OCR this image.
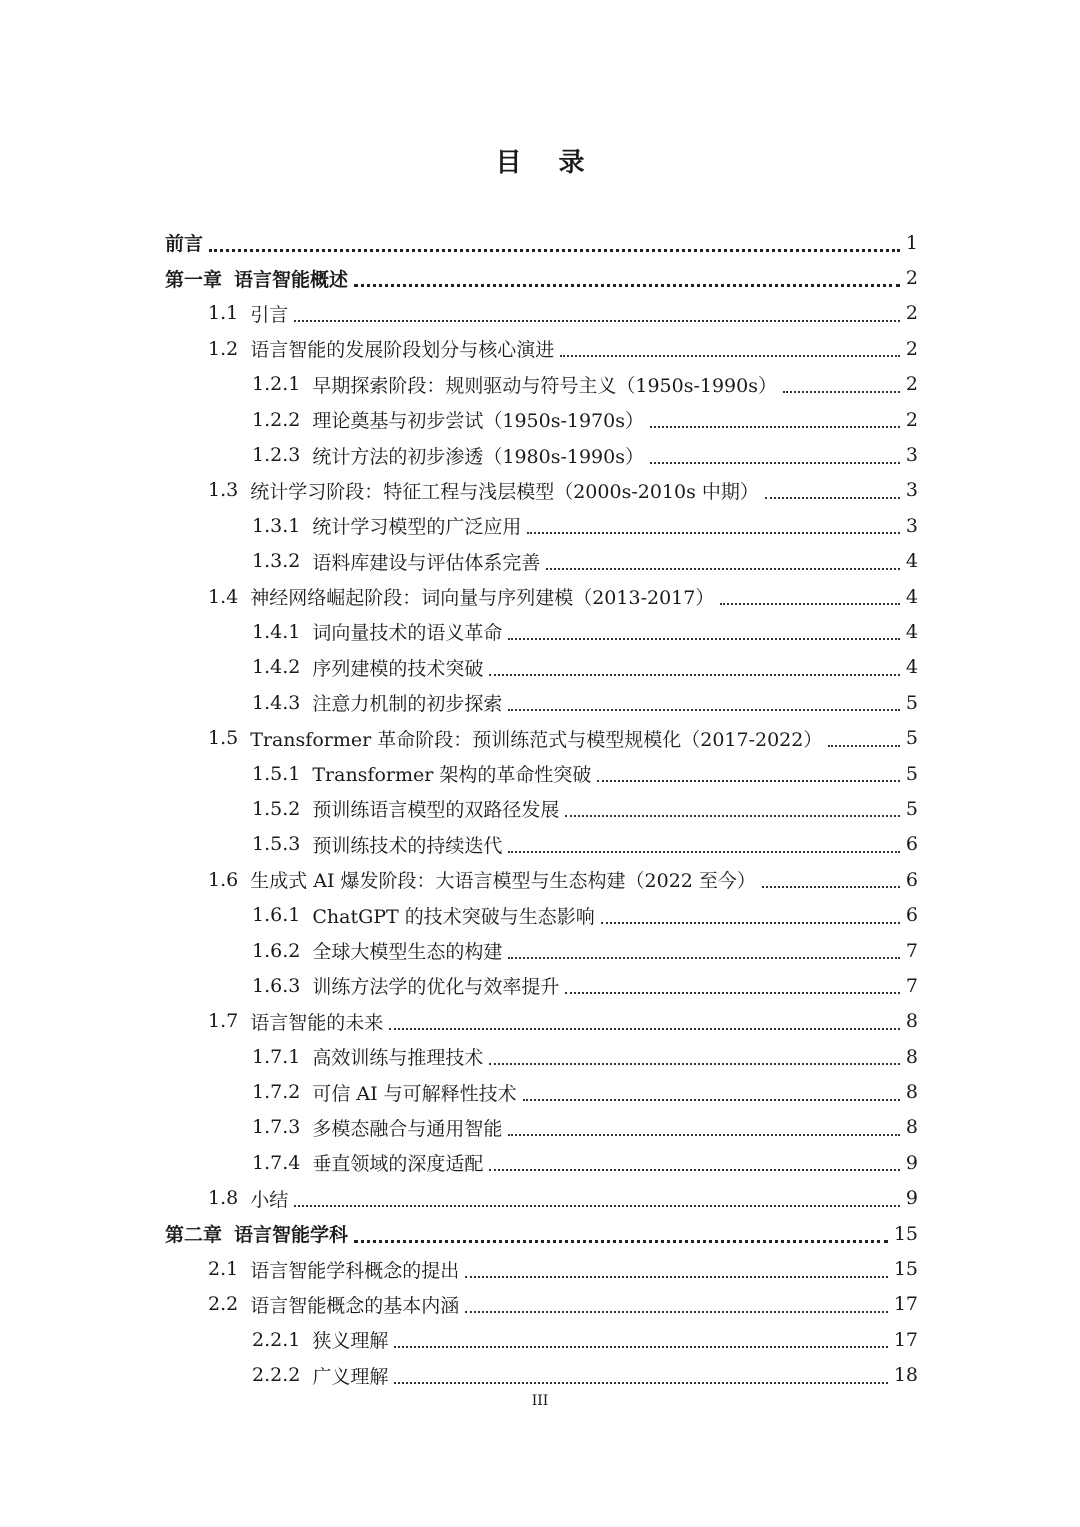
目 录
前言	1
第一章 语言智能概述	2
1.1 引言	2
1.2 语言智能的发展阶段划分与核心演进	2
1.2.1 早期探索阶段：规则驱动与符号主义（1950s-1990s）	2
1.2.2 理论奠基与初步尝试（1950s-1970s）	2
1.2.3 统计方法的初步渗透（1980s-1990s）	3
1.3 统计学习阶段：特征工程与浅层模型（2000s-2010s 中期）	3
1.3.1 统计学习模型的广泛应用	3
1.3.2 语料库建设与评估体系完善	4
1.4 神经网络崛起阶段：词向量与序列建模（2013-2017）	4
1.4.1 词向量技术的语义革命	4
1.4.2 序列建模的技术突破	4
1.4.3 注意力机制的初步探索	5
1.5 Transformer 革命阶段：预训练范式与模型规模化（2017-2022）	5
1.5.1 Transformer 架构的革命性突破	5
1.5.2 预训练语言模型的双路径发展	5
1.5.3 预训练技术的持续迭代	6
1.6 生成式 AI 爆发阶段：大语言模型与生态构建（2022 至今）	6
1.6.1 ChatGPT 的技术突破与生态影响	6
1.6.2 全球大模型生态的构建	7
1.6.3 训练方法学的优化与效率提升	7
1.7 语言智能的未来	8
1.7.1 高效训练与推理技术	8
1.7.2 可信 AI 与可解释性技术	8
1.7.3 多模态融合与通用智能	8
1.7.4 垂直领域的深度适配	9
1.8 小结	9
第二章 语言智能学科	15
2.1 语言智能学科概念的提出	15
2.2 语言智能概念的基本内涵	17
2.2.1 狭义理解	17
2.2.2 广义理解	18
III
